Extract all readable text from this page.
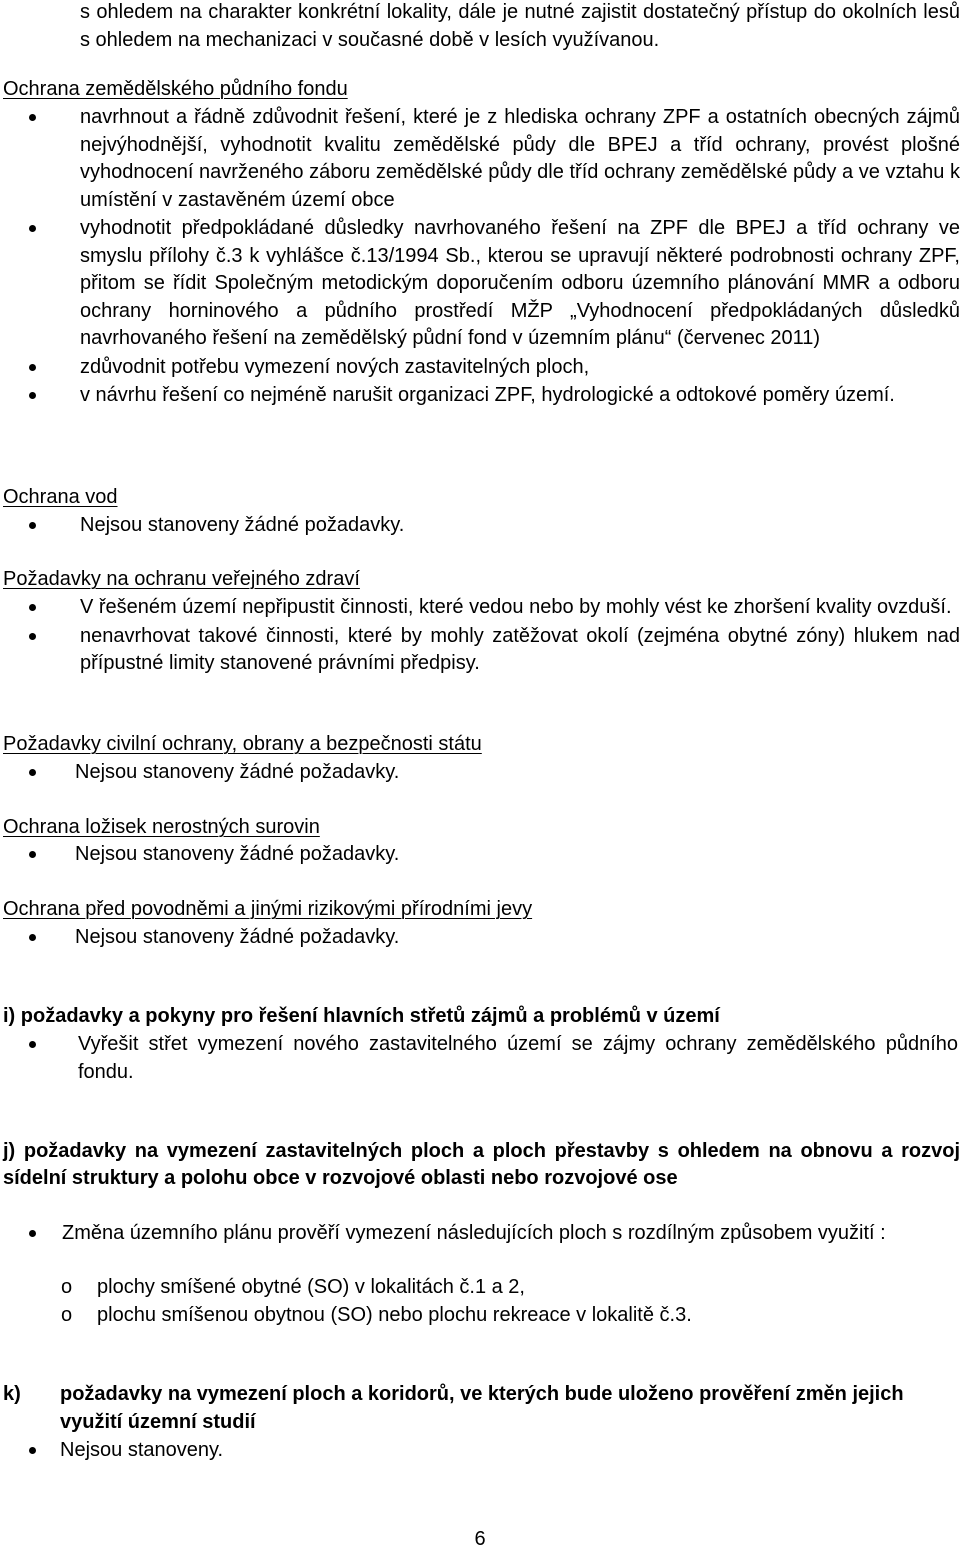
s ohledem na charakter konkrétní lokality, dále je nutné zajistit dostatečný přístup do okolních lesů s ohledem na mechanizaci v současné době v lesích využívanou.
Ochrana zemědělského půdního fondu
navrhnout a řádně zdůvodnit řešení, které je z hlediska ochrany ZPF a ostatních obecných zájmů nejvýhodnější, vyhodnotit kvalitu zemědělské půdy dle BPEJ a tříd ochrany, provést plošné vyhodnocení navrženého záboru zemědělské půdy dle tříd ochrany zemědělské půdy a ve vztahu k umístění v zastavěném území obce
vyhodnotit předpokládané důsledky navrhovaného řešení na ZPF dle BPEJ a tříd ochrany ve smyslu přílohy č.3 k vyhlášce č.13/1994 Sb., kterou se upravují některé podrobnosti ochrany ZPF, přitom se řídit Společným metodickým doporučením odboru územního plánování MMR a odboru ochrany horninového a půdního prostředí MŽP „Vyhodnocení předpokládaných důsledků navrhovaného řešení na zemědělský půdní fond v územním plánu“ (červenec 2011)
zdůvodnit potřebu vymezení nových zastavitelných ploch,
v návrhu řešení co nejméně narušit organizaci ZPF, hydrologické a odtokové poměry území.
Ochrana vod
Nejsou stanoveny žádné požadavky.
Požadavky na ochranu veřejného zdraví
V řešeném území nepřipustit činnosti, které vedou nebo by mohly vést ke zhoršení kvality ovzduší.
nenavrhovat takové činnosti, které by mohly zatěžovat okolí (zejména obytné zóny) hlukem nad přípustné limity stanovené právními předpisy.
Požadavky civilní ochrany, obrany a bezpečnosti státu
Nejsou stanoveny žádné požadavky.
Ochrana ložisek nerostných surovin
Nejsou stanoveny žádné požadavky.
Ochrana před povodněmi a jinými rizikovými přírodními jevy
Nejsou stanoveny žádné požadavky.
i) požadavky a pokyny pro řešení hlavních střetů zájmů a problémů v území
Vyřešit střet vymezení nového zastavitelného území se zájmy ochrany zemědělského půdního fondu.
j) požadavky na vymezení zastavitelných ploch a ploch přestavby s ohledem na obnovu a rozvoj sídelní struktury a polohu obce v rozvojové oblasti nebo rozvojové ose
Změna územního plánu prověří vymezení následujících ploch s rozdílným způsobem využití :
o plochy smíšené obytné (SO) v lokalitách č.1 a 2,
o plochu smíšenou obytnou (SO) nebo plochu rekreace v lokalitě č.3.
k)	požadavky na vymezení ploch a koridorů, ve kterých bude uloženo prověření změn jejich využití územní studií
Nejsou stanoveny.
6
